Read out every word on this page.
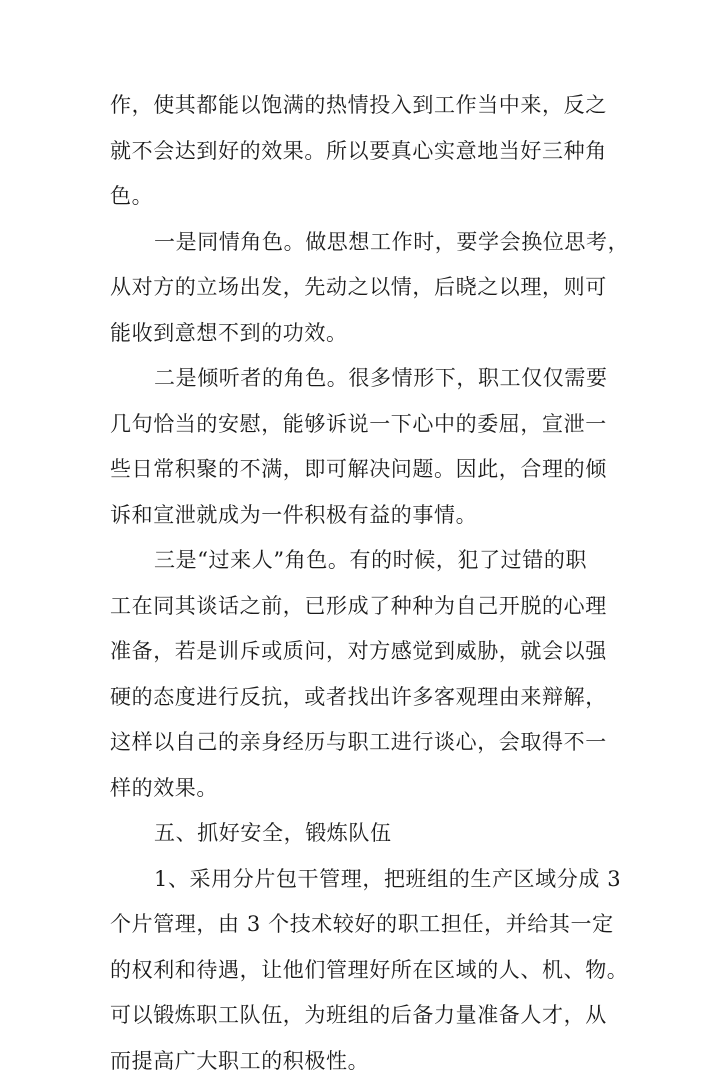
作，使其都能以饱满的热情投入到工作当中来，反之
就不会达到好的效果。所以要真心实意地当好三种角
色。
一是同情角色。做思想工作时，要学会换位思考，
从对方的立场出发，先动之以情，后晓之以理，则可
能收到意想不到的功效。
二是倾听者的角色。很多情形下，职工仅仅需要
几句恰当的安慰，能够诉说一下心中的委屈，宣泄一
些日常积聚的不满，即可解决问题。因此，合理的倾
诉和宣泄就成为一件积极有益的事情。
三是“过来人”角色。有的时候，犯了过错的职
工在同其谈话之前，已形成了种种为自己开脱的心理
准备，若是训斥或质问，对方感觉到威胁，就会以强
硬的态度进行反抗，或者找出许多客观理由来辩解，
这样以自己的亲身经历与职工进行谈心，会取得不一
样的效果。
五、抓好安全，锻炼队伍
1、采用分片包干管理，把班组的生产区域分成 3
个片管理，由 3 个技术较好的职工担任，并给其一定
的权利和待遇，让他们管理好所在区域的人、机、物。
可以锻炼职工队伍，为班组的后备力量准备人才，从
而提高广大职工的积极性。
